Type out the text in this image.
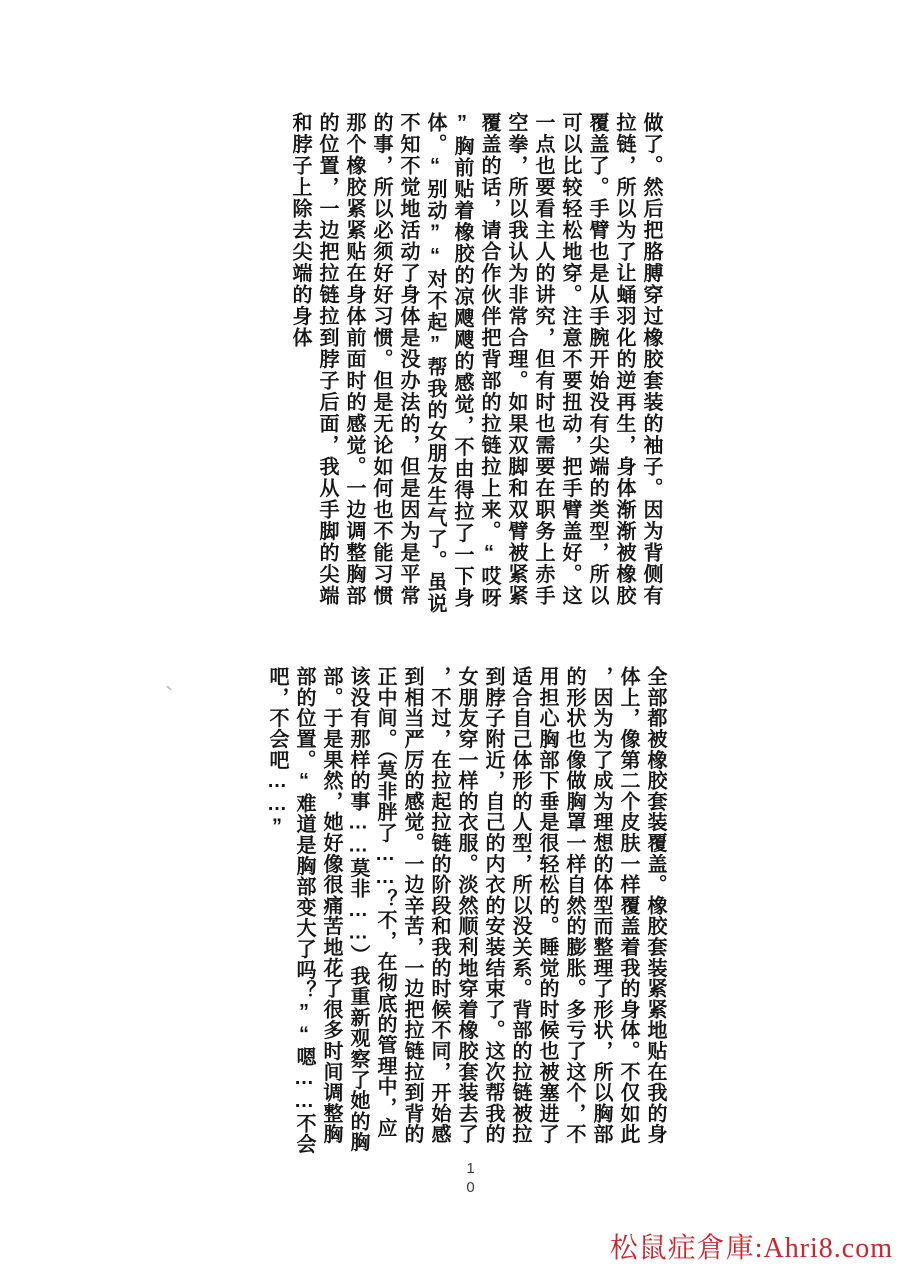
做了。然后把胳膊穿过橡胶套装的袖子。因为背侧有
拉链，所以为了让蛹羽化的逆再生，身体渐渐被橡胶
覆盖了。手臂也是从手腕开始没有尖端的类型，所以
可以比较轻松地穿。注意不要扭动，把手臂盖好。这
一点也要看主人的讲究，但有时也需要在职务上赤手
空拳，所以我认为非常合理。如果双脚和双臂被紧紧
覆盖的话，请合作伙伴把背部的拉链拉上来。“哎呀
”胸前贴着橡胶的凉飕飕的感觉，不由得拉了一下身
体。“别动”“对不起”帮我的女朋友生气了。虽说
不知不觉地活动了身体是没办法的，但是因为是平常
的事，所以必须好好习惯。但是无论如何也不能习惯
那个橡胶紧紧贴在身体前面时的感觉。一边调整胸部
的位置，一边把拉链拉到脖子后面，我从手脚的尖端
和脖子上除去尖端的身体
全部都被橡胶套装覆盖。橡胶套装紧紧地贴在我的身
体上，像第二个皮肤一样覆盖着我的身体。不仅如此
，因为为了成为理想的体型而整理了形状，所以胸部
的形状也像做胸罩一样自然的膨胀。多亏了这个，不
用担心胸部下垂是很轻松的。睡觉的时候也被塞进了
适合自己体形的人型，所以没关系。背部的拉链被拉
到脖子附近，自己的内衣的安装结束了。这次帮我的
女朋友穿一样的衣服。淡然顺利地穿着橡胶套装去了
，不过，在拉起拉链的阶段和我的时候不同，开始感
到相当严厉的感觉。一边辛苦，一边把拉链拉到背的
正中间。（莫非胖了……？不，在彻底的管理中，应
该没有那样的事……莫非……）我重新观察了她的胸
部。于是果然，她好像很痛苦地花了很多时间调整胸
部的位置。“难道是胸部变大了吗？”“嗯……不会
吧，不会吧……”
10
松鼠症倉庫:Ahri8.com
